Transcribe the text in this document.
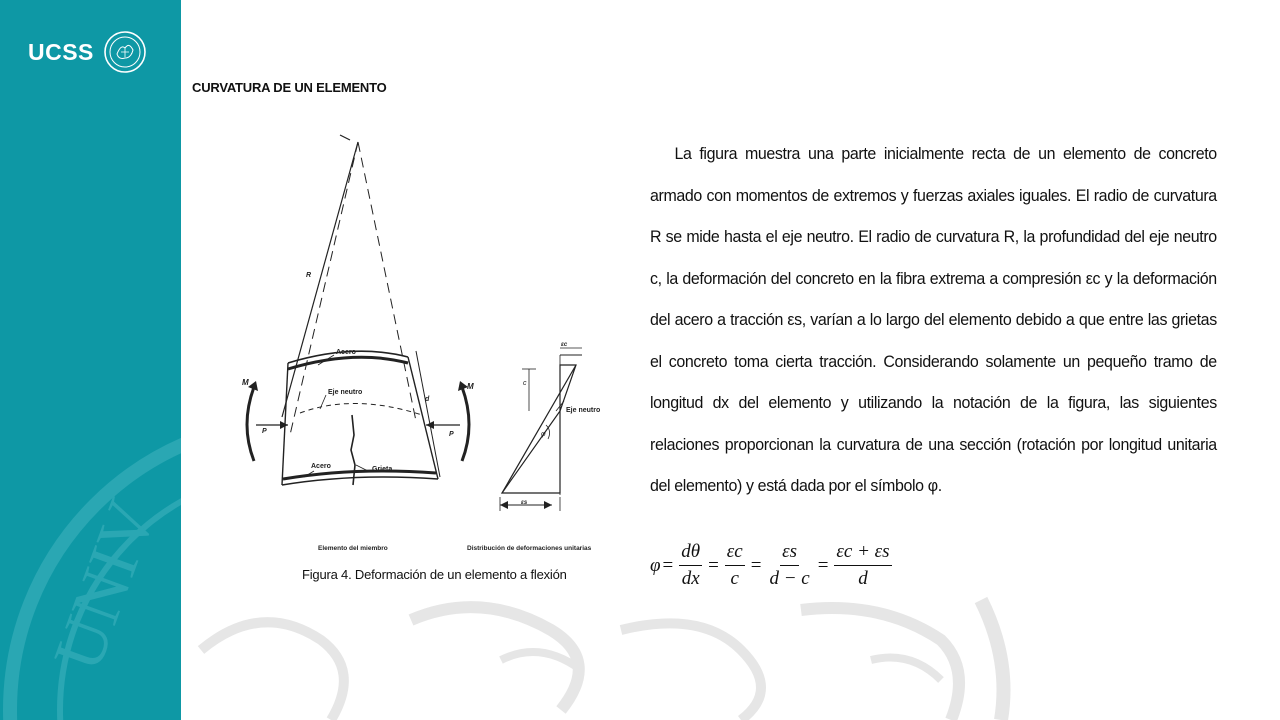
UCSS
UNIV
CURVATURA DE UN ELEMENTO
R
M	M
P	P
Acero
Eje neutro
Acero	Grieta
d
c
εc
εs
φ
Eje neutro
Elemento del miembro	Distribución de deformaciones unitarias
Figura 4. Deformación de un elemento a flexión

La figura muestra una parte inicialmente recta de un elemento de concreto armado con momentos de extremos y fuerzas axiales iguales. El radio de curvatura R se mide hasta el eje neutro. El radio de curvatura R, la profundidad del eje neutro c, la deformación del concreto en la fibra extrema a compresión εc y la deformación del acero a tracción εs, varían a lo largo del elemento debido a que entre las grietas el concreto toma cierta tracción. Considerando solamente un pequeño tramo de longitud dx del elemento y utilizando la notación de la figura, las siguientes relaciones proporcionan la curvatura de una sección (rotación por longitud unitaria del elemento) y está dada por el símbolo φ.

$\varphi = \frac{d\theta}{dx} = \frac{\varepsilon c}{c} = \frac{\varepsilon s}{d - c} = \frac{\varepsilon c + \varepsilon s}{d}$
